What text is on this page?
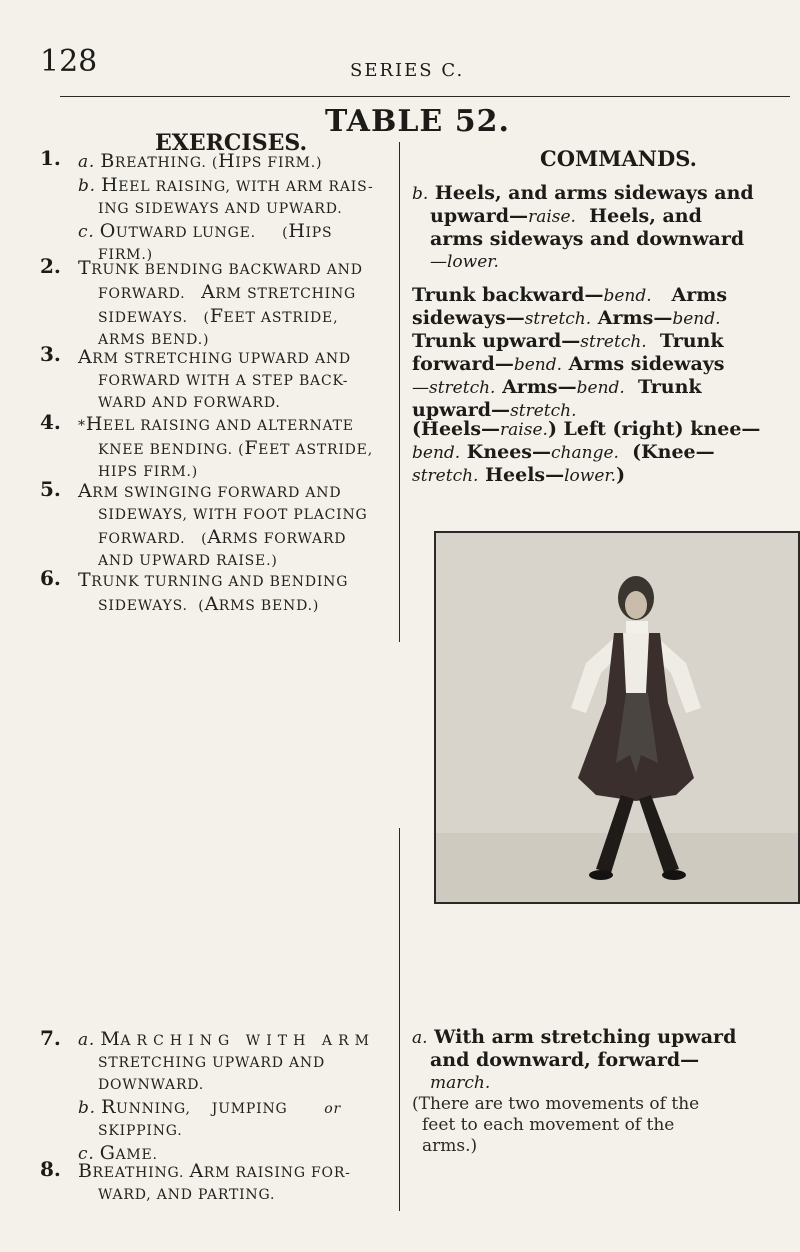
128	SERIES C.
TABLE 52.
EXERCISES.
COMMANDS.
1. a. BREATHING. (HIPS FIRM.)
b. HEEL RAISING, WITH ARM RAIS-
ING SIDEWAYS AND UPWARD.
c. OUTWARD LUNGE.     (HIPS
FIRM.)
2. TRUNK BENDING BACKWARD AND
FORWARD.   ARM STRETCHING
SIDEWAYS.   (FEET ASTRIDE,
ARMS BEND.)
3. ARM STRETCHING UPWARD AND
FORWARD WITH A STEP BACK-
WARD AND FORWARD.
4. *HEEL RAISING AND ALTERNATE
KNEE BENDING. (FEET ASTRIDE,
HIPS FIRM.)
5. ARM SWINGING FORWARD AND
SIDEWAYS, WITH FOOT PLACING
FORWARD.   (ARMS FORWARD
AND UPWARD RAISE.)
6. TRUNK TURNING AND BENDING
SIDEWAYS.  (ARMS BEND.)
7. a. MA R C H I N G   W I T H   A R M
STRETCHING UPWARD AND
DOWNWARD.
b. RUNNING,    JUMPING       or
SKIPPING.
c. GAME.
8. BREATHING. ARM RAISING FOR-
WARD, AND PARTING.
b. Heels, and arms sideways and
upward—raise.  Heels, and
arms sideways and downward
—lower.
Trunk backward—bend.   Arms
sideways—stretch. Arms—bend.
Trunk upward—stretch.  Trunk
forward—bend. Arms sideways
—stretch. Arms—bend.  Trunk
upward—stretch.
(Heels—raise.) Left (right) knee—
bend. Knees—change.  (Knee—
stretch. Heels—lower.)
a. With arm stretching upward
and downward, forward—
march.
(There are two movements of the
feet to each movement of the
arms.)
